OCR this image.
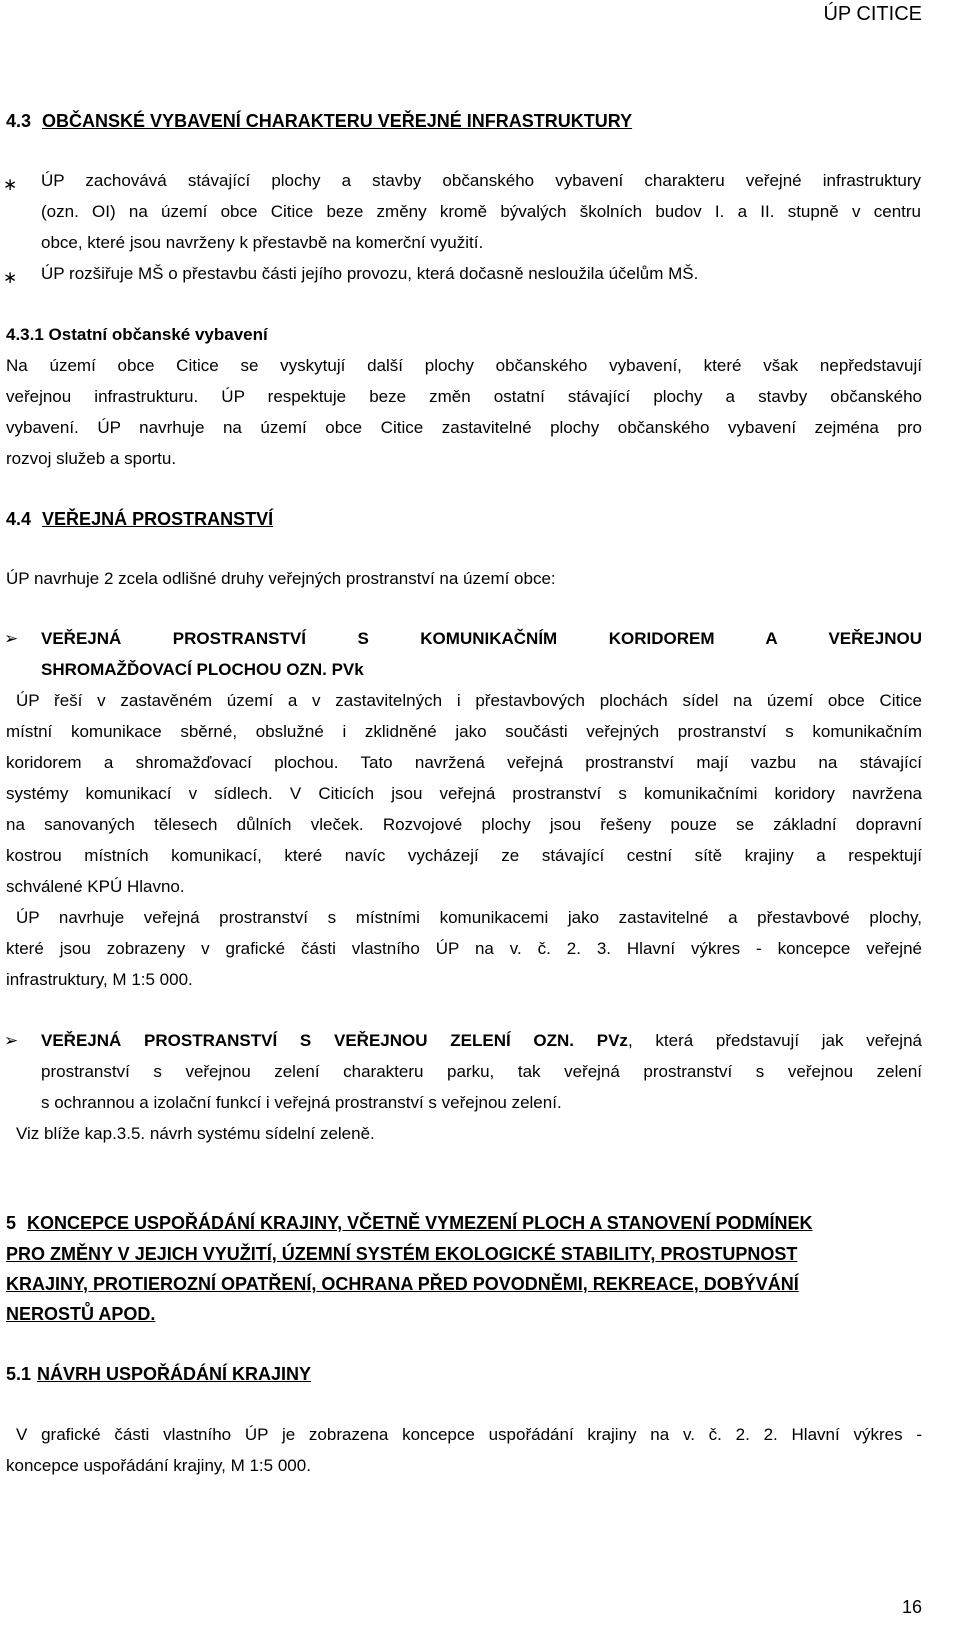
ÚP CITICE
4.3 OBČANSKÉ VYBAVENÍ CHARAKTERU VEŘEJNÉ INFRASTRUKTURY
∗ ÚP zachovává stávající plochy a stavby občanského vybavení charakteru veřejné infrastruktury
(ozn. OI) na území obce Citice beze změny kromě bývalých školních budov I. a II. stupně v centru
obce, které jsou navrženy k přestavbě na komerční využití.
∗ ÚP rozšiřuje MŠ o přestavbu části jejího provozu, která dočasně nesloužila účelům MŠ.
4.3.1 Ostatní občanské vybavení
Na území obce Citice se vyskytují další plochy občanského vybavení, které však nepředstavují
veřejnou infrastrukturu. ÚP respektuje beze změn ostatní stávající plochy a stavby občanského
vybavení. ÚP navrhuje na území obce Citice zastavitelné plochy občanského vybavení zejména pro
rozvoj služeb a sportu.
4.4 VEŘEJNÁ PROSTRANSTVÍ
ÚP navrhuje 2 zcela odlišné druhy veřejných prostranství na území obce:
➢ VEŘEJNÁ PROSTRANSTVÍ S KOMUNIKAČNÍM KORIDOREM A VEŘEJNOU
SHROMAŽĎOVACÍ PLOCHOU OZN. PVk
ÚP řeší v zastavěném území a v zastavitelných i přestavbových plochách sídel na území obce Citice
místní komunikace sběrné, obslužné i zklidněné jako součásti veřejných prostranství s komunikačním
koridorem a shromažďovací plochou. Tato navržená veřejná prostranství mají vazbu na stávající
systémy komunikací v sídlech. V Citicích jsou veřejná prostranství s komunikačními koridory navržena
na sanovaných tělesech důlních vleček. Rozvojové plochy jsou řešeny pouze se základní dopravní
kostrou místních komunikací, které navíc vycházejí ze stávající cestní sítě krajiny a respektují
schválené KPÚ Hlavno.
ÚP navrhuje veřejná prostranství s místními komunikacemi jako zastavitelné a přestavbové plochy,
které jsou zobrazeny v grafické části vlastního ÚP na v. č. 2. 3. Hlavní výkres - koncepce veřejné
infrastruktury, M 1:5 000.
➢ VEŘEJNÁ PROSTRANSTVÍ S VEŘEJNOU ZELENÍ OZN. PVz, která představují jak veřejná
prostranství s veřejnou zelení charakteru parku, tak veřejná prostranství s veřejnou zelení
s ochrannou a izolační funkcí i veřejná prostranství s veřejnou zelení.
Viz blíže kap.3.5. návrh systému sídelní zeleně.
5 KONCEPCE USPOŘÁDÁNÍ KRAJINY, VČETNĚ VYMEZENÍ PLOCH A STANOVENÍ PODMÍNEK
PRO ZMĚNY V JEJICH VYUŽITÍ, ÚZEMNÍ SYSTÉM EKOLOGICKÉ STABILITY, PROSTUPNOST
KRAJINY, PROTIEROZNÍ OPATŘENÍ, OCHRANA PŘED POVODNĚMI, REKREACE, DOBÝVÁNÍ
NEROSTŮ APOD.
5.1 NÁVRH USPOŘÁDÁNÍ KRAJINY
V grafické části vlastního ÚP je zobrazena koncepce uspořádání krajiny na v. č. 2. 2. Hlavní výkres -
koncepce uspořádání krajiny, M 1:5 000.
16
